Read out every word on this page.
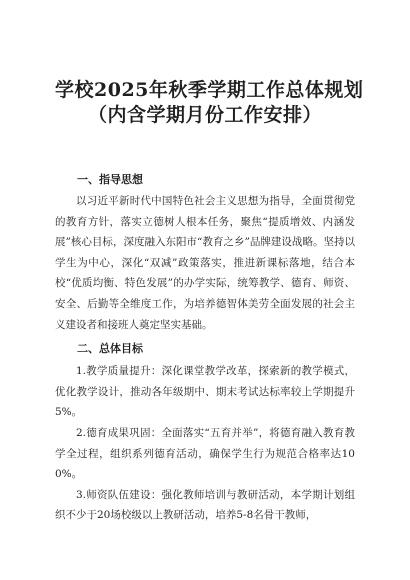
学校2025年秋季学期工作总体规划
（内含学期月份工作安排）
一、指导思想

以习近平新时代中国特色社会主义思想为指导，全面贯彻党的教育方针，落实立德树人根本任务，聚焦“提质增效、内涵发展”核心目标，深度融入东阳市“教育之乡”品牌建设战略。坚持以学生为中心，深化“双减”政策落实，推进新课标落地，结合本校“优质均衡、特色发展”的办学实际，统筹教学、德育、师资、安全、后勤等全维度工作，为培养德智体美劳全面发展的社会主义建设者和接班人奠定坚实基础。

二、总体目标

1.教学质量提升：深化课堂教学改革，探索新的教学模式，优化教学设计，推动各年级期中、期末考试达标率较上学期提升5%。

2.德育成果巩固：全面落实“五育并举”，将德育融入教育教学全过程，组织系列德育活动，确保学生行为规范合格率达100%。

3.师资队伍建设：强化教师培训与教研活动，本学期计划组织不少于20场校级以上教研活动，培养5-8名骨干教师，
